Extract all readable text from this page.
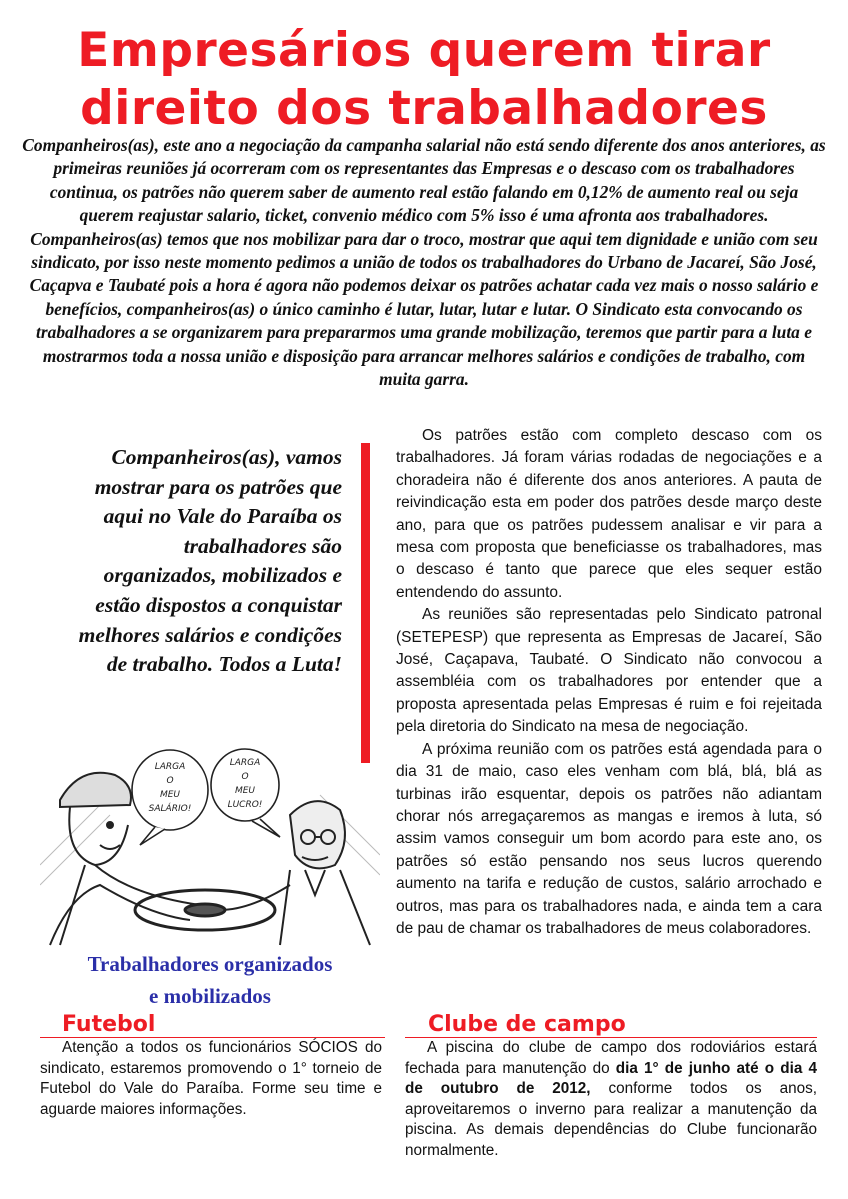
Empresários querem tirar
direito dos trabalhadores

Companheiros(as), este ano a negociação da campanha salarial não está sendo diferente dos anos anteriores, as primeiras reuniões já ocorreram com os representantes das Empresas e o descaso com os trabalhadores continua, os patrões não querem saber de aumento real estão falando em 0,12% de aumento real ou seja querem reajustar salario, ticket, convenio médico com 5% isso é uma afronta aos trabalhadores. Companheiros(as) temos que nos mobilizar para dar o troco, mostrar que aqui tem dignidade e união com seu sindicato, por isso neste momento pedimos a união de todos os trabalhadores do Urbano de Jacareí, São José, Caçapva e Taubaté pois a hora é agora não podemos deixar os patrões achatar cada vez mais o nosso salário e benefícios, companheiros(as) o único caminho é lutar, lutar, lutar e lutar. O Sindicato esta convocando os trabalhadores a se organizarem para prepararmos uma grande mobilização, teremos que partir para a luta e mostrarmos toda a nossa união e disposição para arrancar melhores salários e condições de trabalho, com muita garra.

Companheiros(as), vamos mostrar para os patrões que aqui no Vale do Paraíba os trabalhadores são organizados, mobilizados e estão dispostos a conquistar melhores salários e condições de trabalho. Todos a Luta!

LARGA
O
MEU
SALÁRIO!
LARGA
O
MEU
LUCRO!

Trabalhadores organizados
e mobilizados

Os patrões estão com completo descaso com os trabalhadores. Já foram várias rodadas de negociações e a choradeira não é diferente dos anos anteriores. A pauta de reivindicação esta em poder dos patrões desde março deste ano, para que os patrões pudessem analisar e vir para a mesa com proposta que beneficiasse os trabalhadores, mas o descaso é tanto que parece que eles sequer estão entendendo do assunto.

As reuniões são representadas pelo Sindicato patronal (SETEPESP) que representa as Empresas de Jacareí, São José, Caçapava, Taubaté. O Sindicato não convocou a assembléia com os trabalhadores por entender que a proposta apresentada pelas Empresas é ruim e foi rejeitada pela diretoria do Sindicato na mesa de negociação.

A próxima reunião com os patrões está agendada para o dia 31 de maio, caso eles venham com blá, blá, blá as turbinas irão esquentar, depois os patrões não adiantam chorar nós arregaçaremos as mangas e iremos à luta, só assim vamos conseguir um bom acordo para este ano, os patrões só estão pensando nos seus lucros querendo aumento na tarifa e redução de custos, salário arrochado e outros, mas para os trabalhadores nada, e ainda tem a cara de pau de chamar os trabalhadores de meus colaboradores.

Futebol

Atenção a todos os funcionários SÓCIOS do sindicato, estaremos promovendo o 1° torneio de Futebol do Vale do Paraíba. Forme seu time e aguarde maiores informações.

Clube de campo

A piscina do clube de campo dos rodoviários estará fechada para manutenção do dia 1° de junho até o dia 4 de outubro de 2012, conforme todos os anos, aproveitaremos o inverno para realizar a manutenção da piscina. As demais dependências do Clube funcionarão normalmente.
